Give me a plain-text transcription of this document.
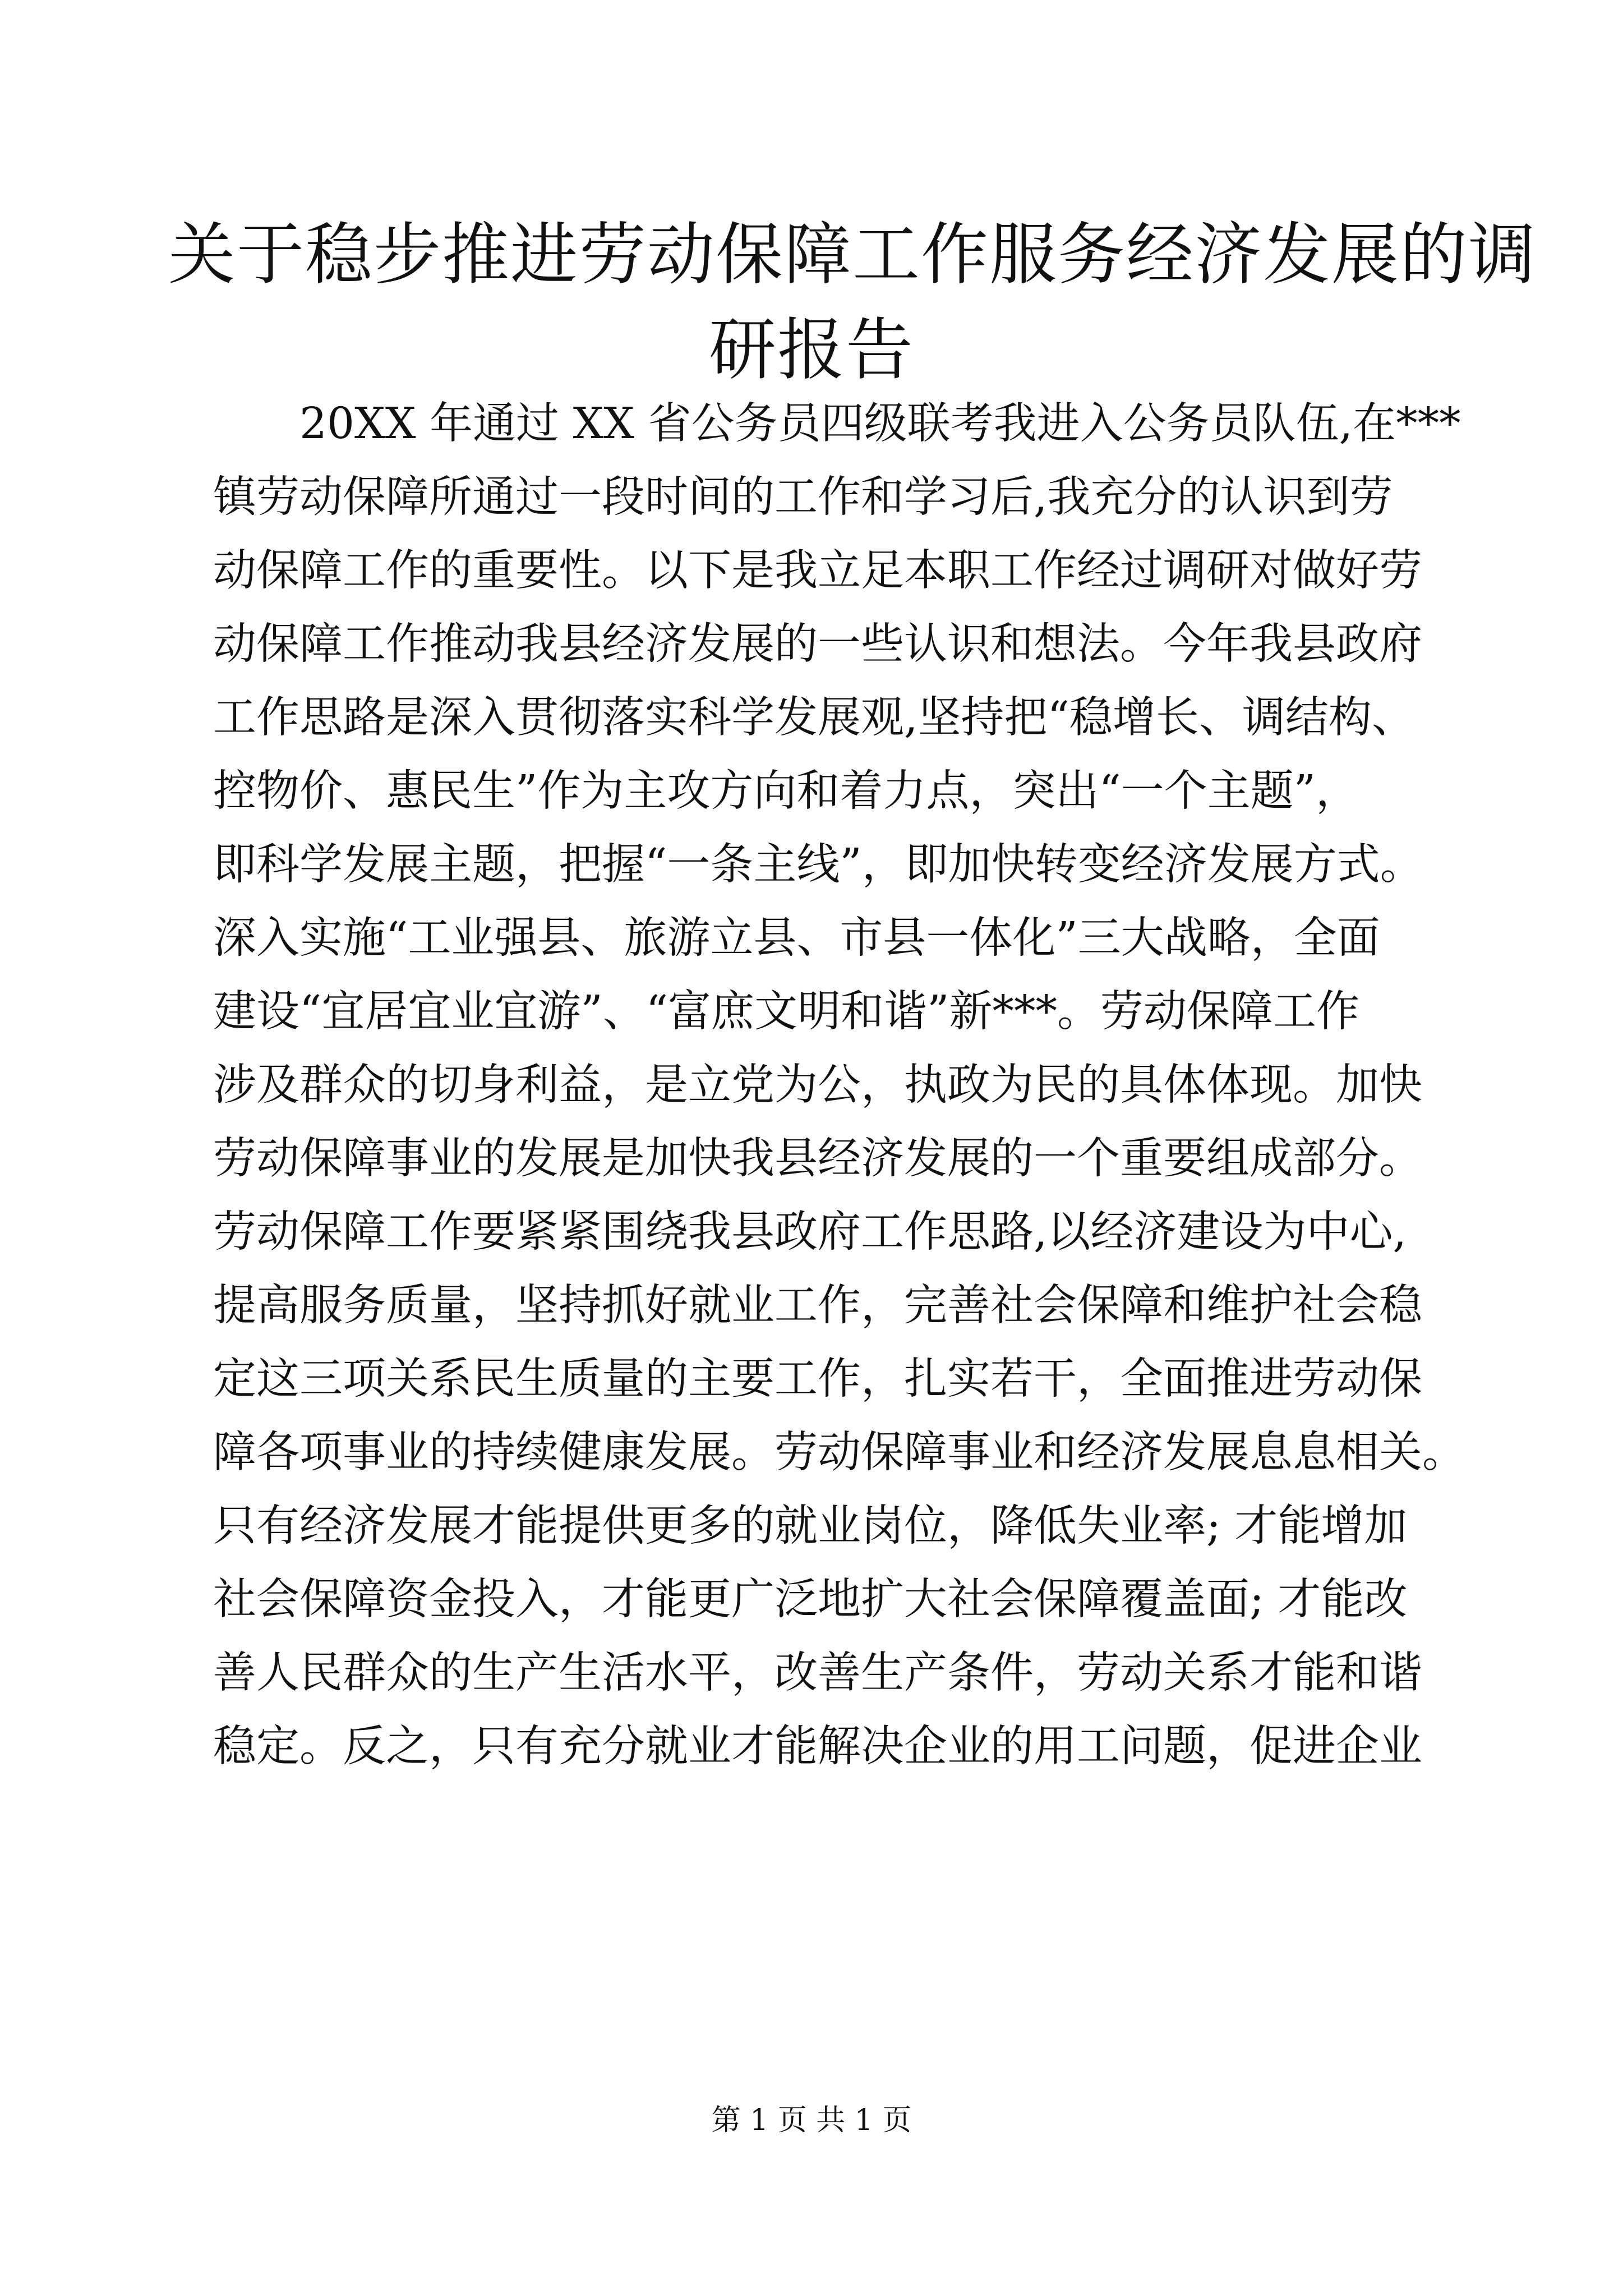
关于稳步推进劳动保障工作服务经济发展的调
研报告
　　20XX 年通过 XX 省公务员四级联考我进入公务员队伍,在***
镇劳动保障所通过一段时间的工作和学习后,我充分的认识到劳
动保障工作的重要性。以下是我立足本职工作经过调研对做好劳
动保障工作推动我县经济发展的一些认识和想法。今年我县政府
工作思路是深入贯彻落实科学发展观,坚持把“稳增长、调结构、
控物价、惠民生”作为主攻方向和着力点，突出“一个主题”，
即科学发展主题，把握“一条主线”，即加快转变经济发展方式。
深入实施“工业强县、旅游立县、市县一体化”三大战略，全面
建设“宜居宜业宜游”、“富庶文明和谐”新***。劳动保障工作
涉及群众的切身利益，是立党为公，执政为民的具体体现。加快
劳动保障事业的发展是加快我县经济发展的一个重要组成部分。
劳动保障工作要紧紧围绕我县政府工作思路,以经济建设为中心,
提高服务质量，坚持抓好就业工作，完善社会保障和维护社会稳
定这三项关系民生质量的主要工作，扎实若干，全面推进劳动保
障各项事业的持续健康发展。劳动保障事业和经济发展息息相关。
只有经济发展才能提供更多的就业岗位，降低失业率; 才能增加
社会保障资金投入，才能更广泛地扩大社会保障覆盖面; 才能改
善人民群众的生产生活水平，改善生产条件，劳动关系才能和谐
稳定。反之，只有充分就业才能解决企业的用工问题，促进企业
第 1 页 共 1 页
